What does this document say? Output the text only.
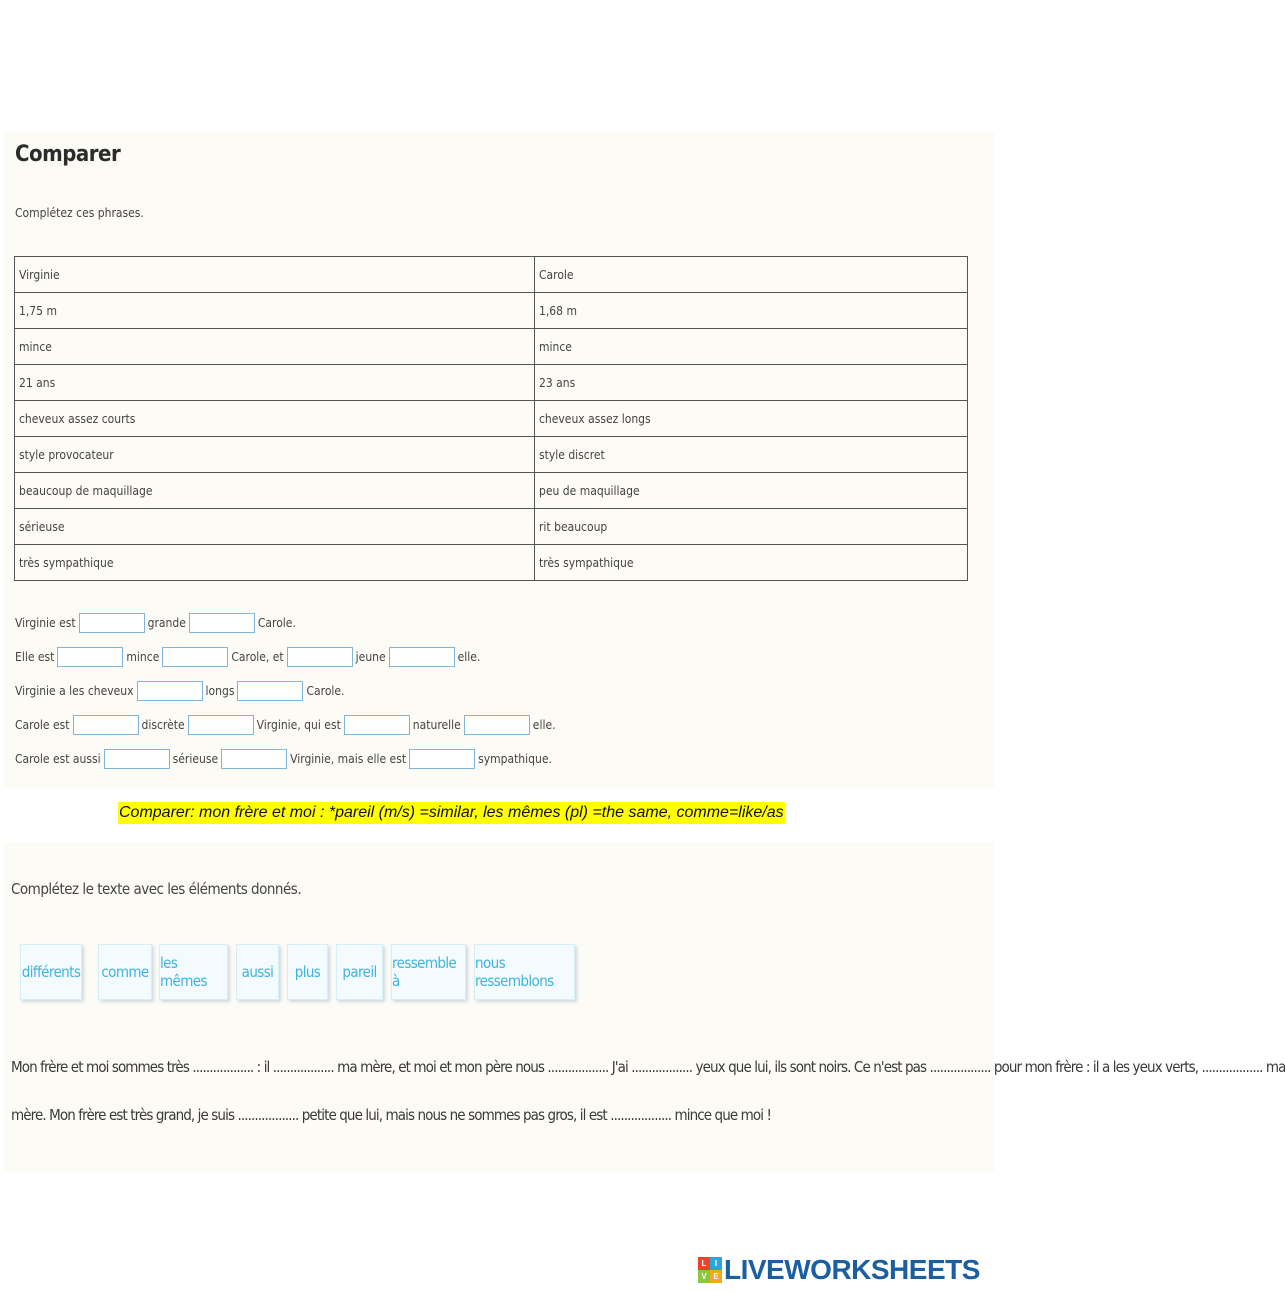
Comparer
Complétez ces phrases.
Virginie	Carole
1,75 m	1,68 m
mince	mince
21 ans	23 ans
cheveux assez courts	cheveux assez longs
style provocateur	style discret
beaucoup de maquillage	peu de maquillage
sérieuse	rit beaucoup
très sympathique	très sympathique
Virginie est	grande	Carole.
Elle est	mince	Carole, et	jeune	elle.
Virginie a les cheveux	longs	Carole.
Carole est	discrète	Virginie, qui est	naturelle	elle.
Carole est aussi	sérieuse	Virginie, mais elle est	sympathique.
Comparer: mon frère et moi : *pareil (m/s) =similar, les mêmes (pl) =the same, comme=like/as
Complétez le texte avec les éléments donnés.
différents comme les mêmes	aussi	plus	pareil	ressemble à
nous ressemblons
Mon frère et moi sommes très .................. : il .................. ma mère, et moi et mon père nous .................. J'ai .................. yeux que lui, ils sont noirs. Ce n'est pas .................. pour mon frère : il a les yeux verts, .................. ma
mère. Mon frère est très grand, je suis .................. petite que lui, mais nous ne sommes pas gros, il est .................. mince que moi !
L	I
V E LIVEWORKSHEETS
